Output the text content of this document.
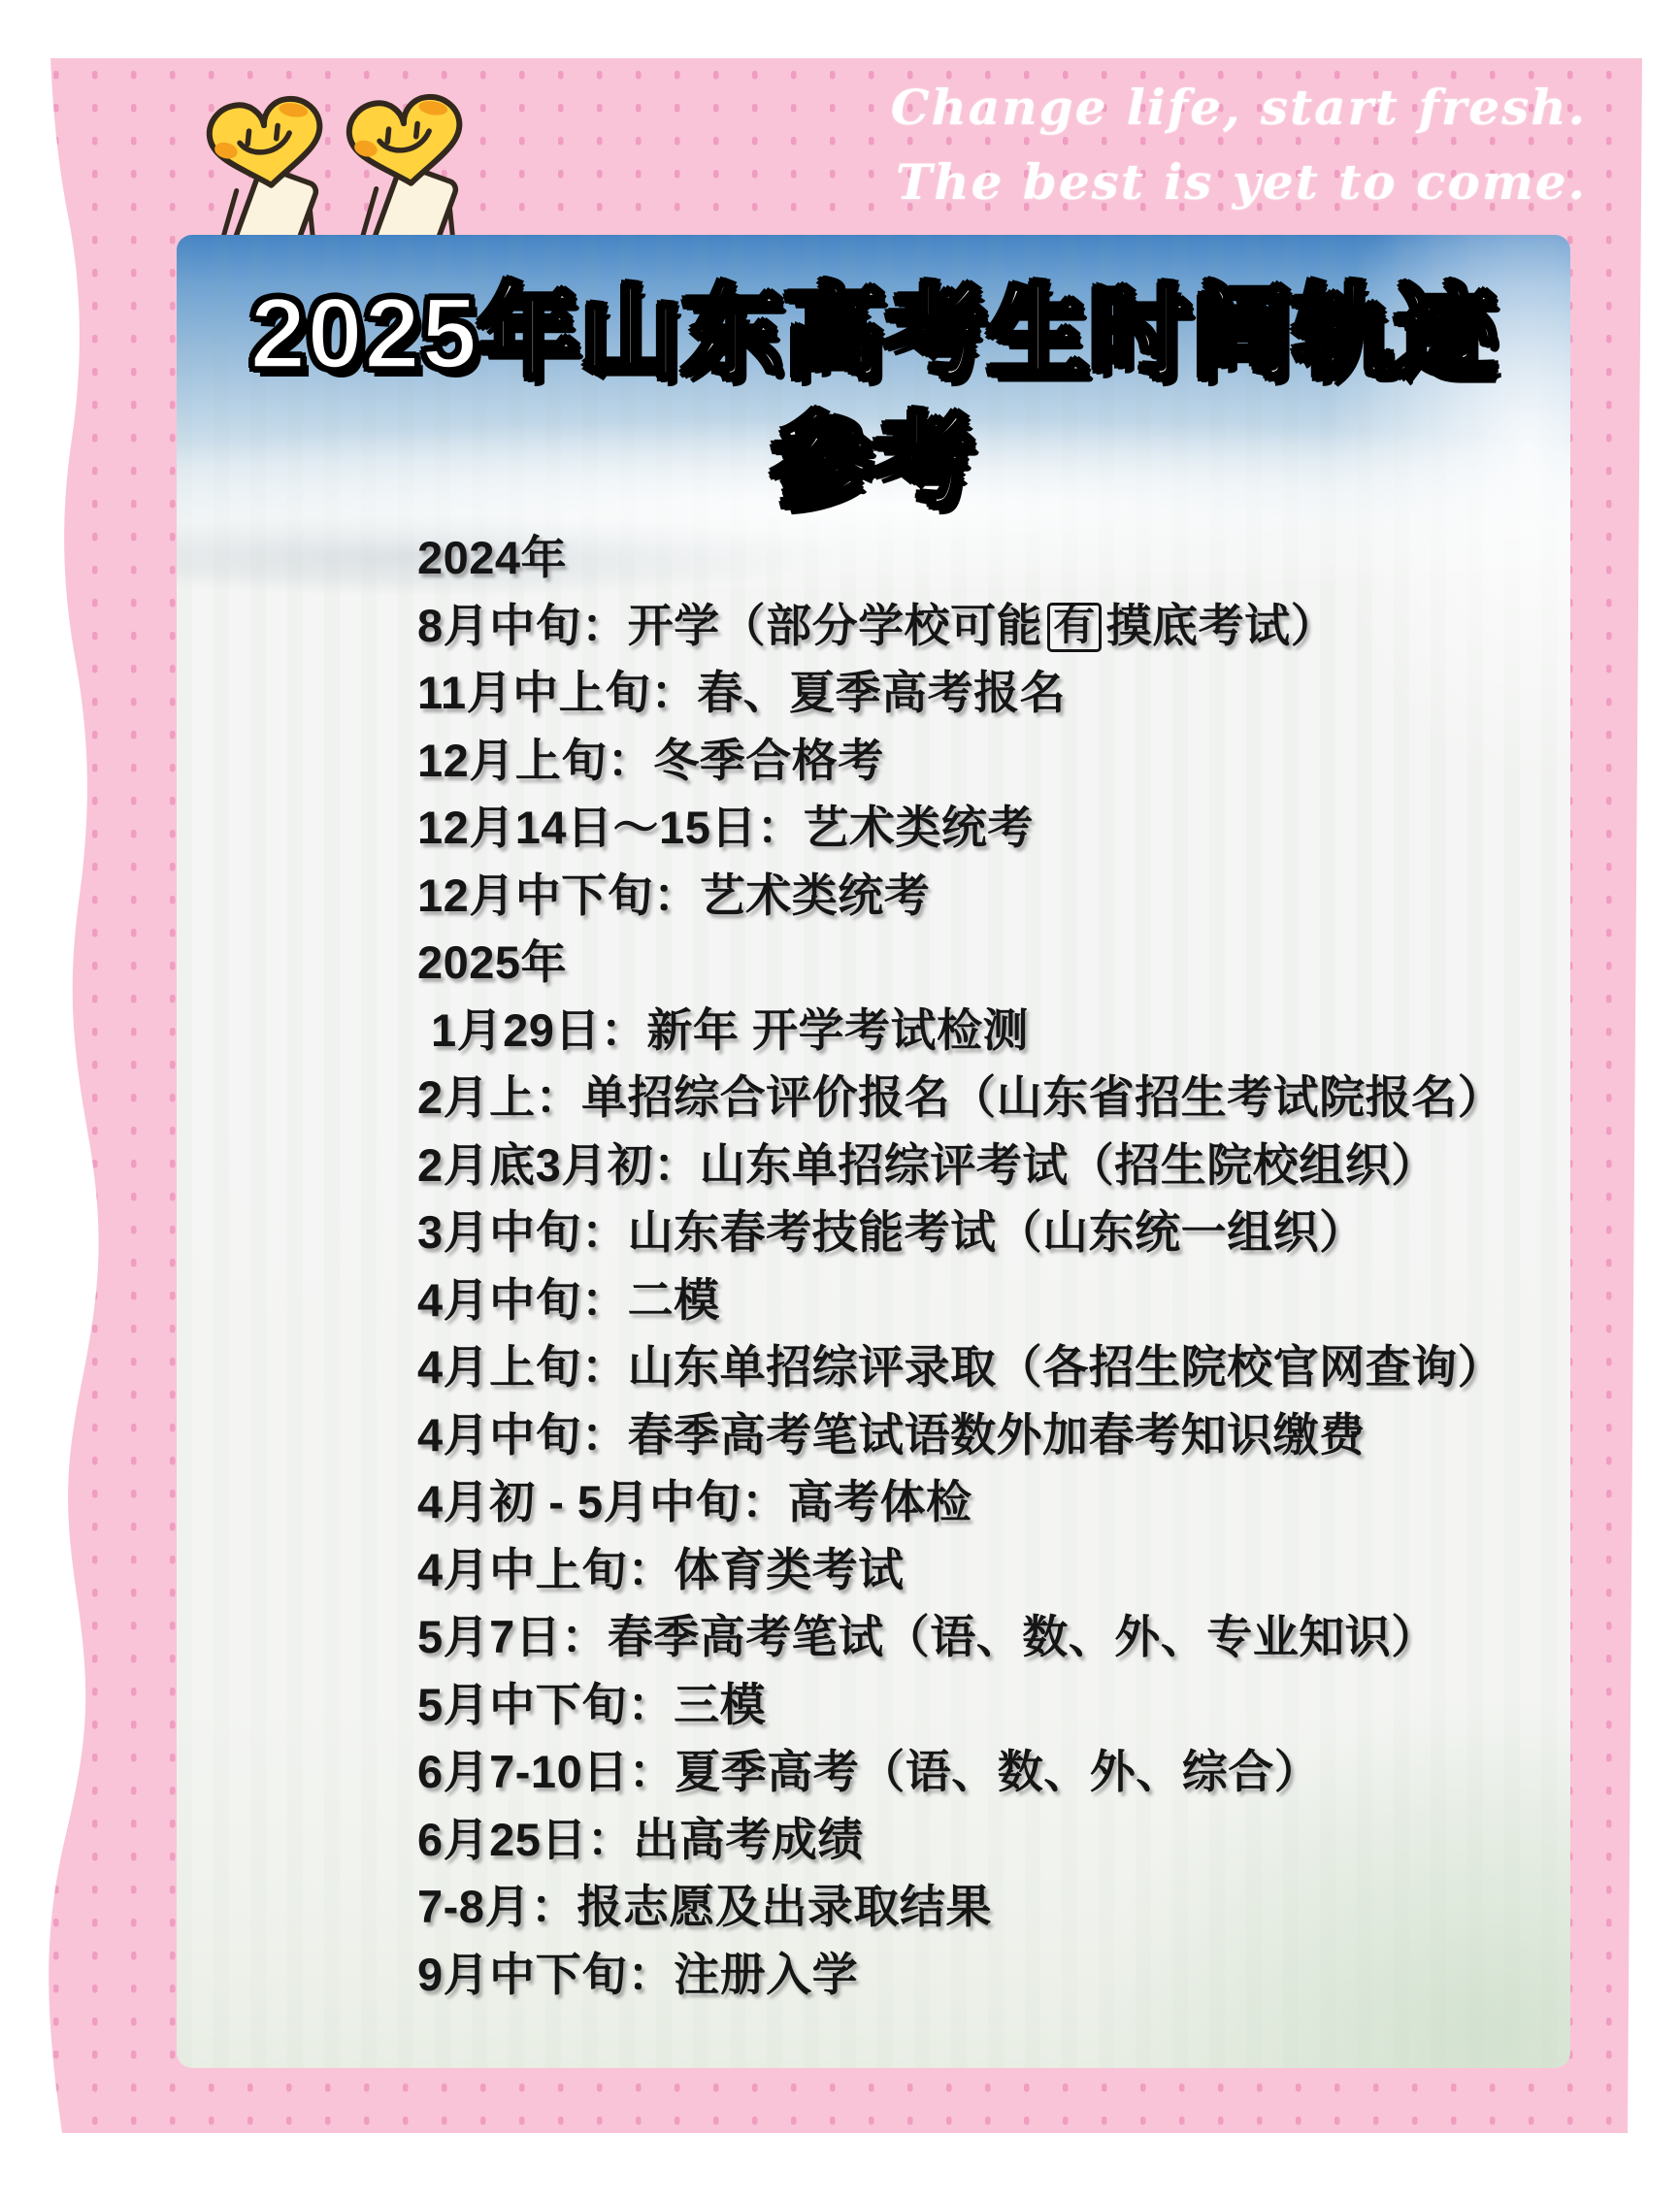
Change life, start fresh.
The best is yet to come.
2025年山东高考生时间轨迹
参考
2024年
8月中旬：开学（部分学校可能 有 摸底考试）
11月中上旬：春、夏季高考报名
12月上旬：冬季合格考
12月14日～15日：艺术类统考
12月中下旬：艺术类统考
2025年
1月29日：新年 开学考试检测
2月上：单招综合评价报名（山东省招生考试院报名）
2月底3月初：山东单招综评考试（招生院校组织）
3月中旬：山东春考技能考试（山东统一组织）
4月中旬：二模
4月上旬：山东单招综评录取（各招生院校官网查询）
4月中旬：春季高考笔试语数外加春考知识缴费
4月初 - 5月中旬：高考体检
4月中上旬：体育类考试
5月7日：春季高考笔试（语、数、外、专业知识）
5月中下旬：三模
6月7-10日：夏季高考（语、数、外、综合）
6月25日：出高考成绩
7-8月：报志愿及出录取结果
9月中下旬：注册入学
